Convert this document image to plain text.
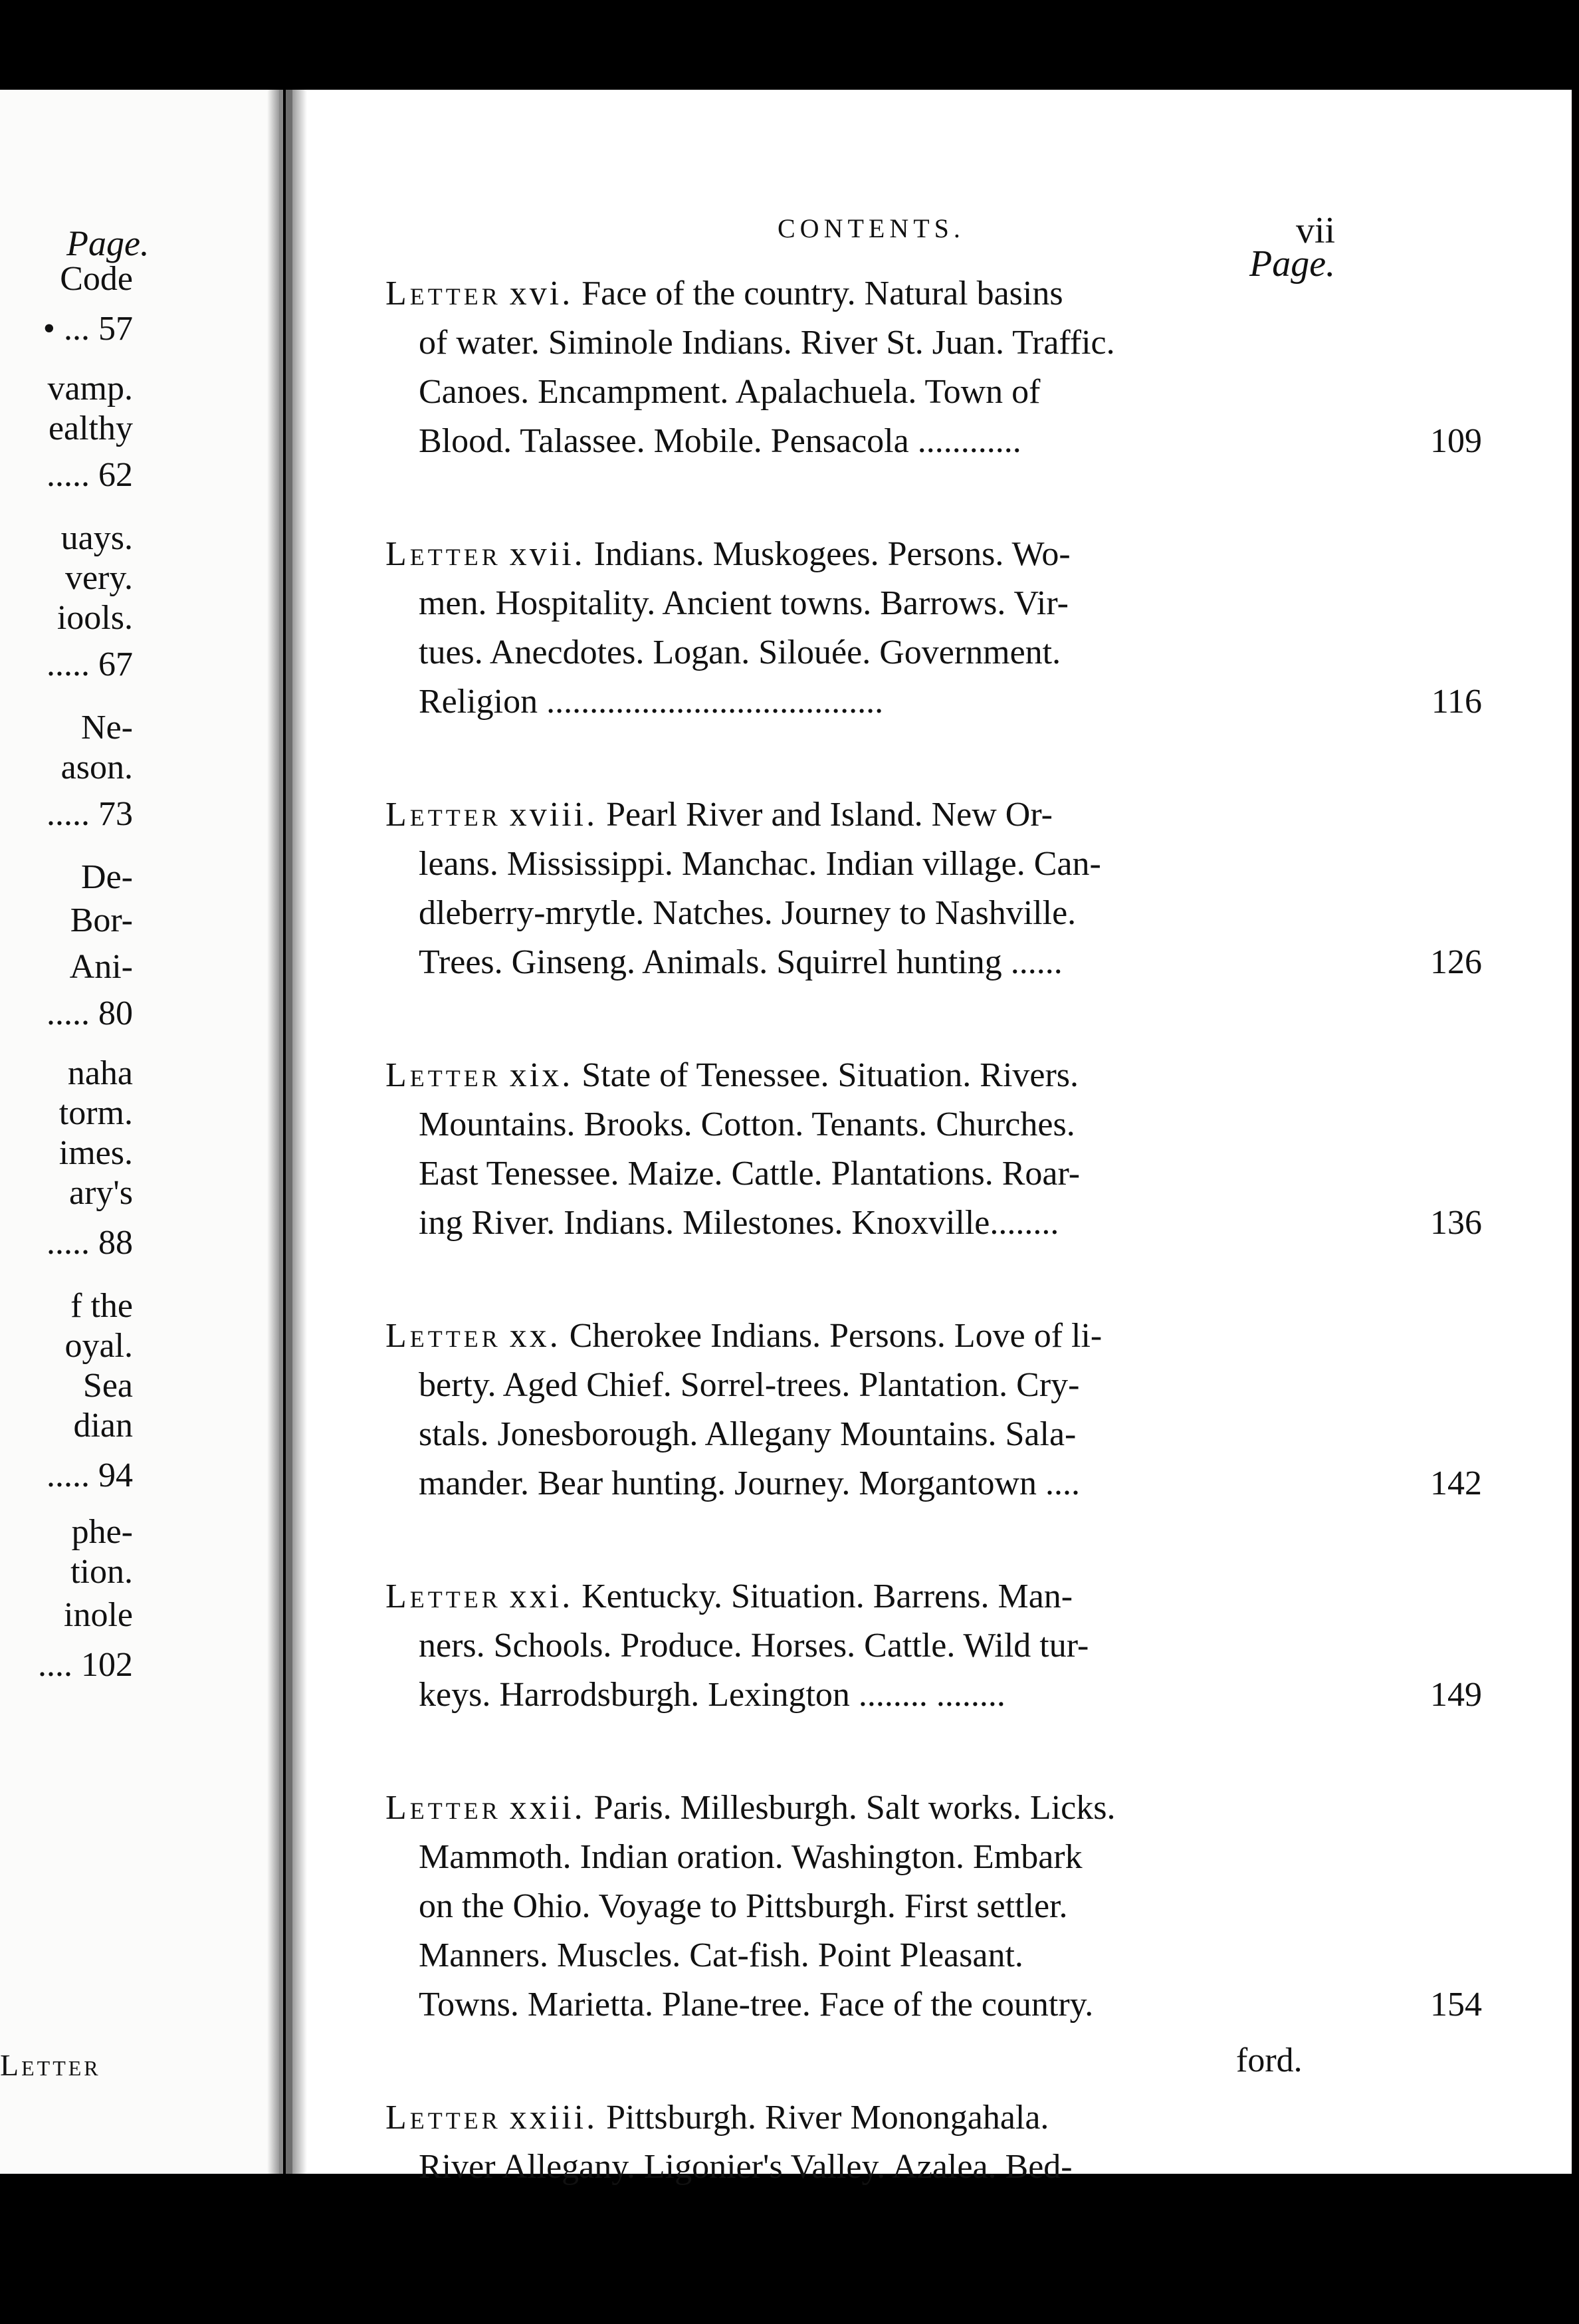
Page.
Code
• ... 57
vamp.
ealthy
..... 62
uays.
very.
iools.
..... 67
Ne-
ason.
..... 73
De-
Bor-
Ani-
..... 80
naha
torm.
imes.
ary's
..... 88
f the
oyal.
Sea
dian
..... 94
phe-
tion.
inole
.... 102
Letter
CONTENTS.	vii
Page.
Letter xvi. Face of the country. Natural basins
of water. Siminole Indians. River St. Juan. Traffic.
Canoes. Encampment. Apalachuela. Town of
Blood. Talassee. Mobile. Pensacola ............	109
Letter xvii. Indians. Muskogees. Persons. Wo-
men. Hospitality. Ancient towns. Barrows. Vir-
tues. Anecdotes. Logan. Silouée. Government.
Religion .......................................	116
Letter xviii. Pearl River and Island. New Or-
leans. Mississippi. Manchac. Indian village. Can-
dleberry-mrytle. Natches. Journey to Nashville.
Trees. Ginseng. Animals. Squirrel hunting ......	126
Letter xix. State of Tenessee. Situation. Rivers.
Mountains. Brooks. Cotton. Tenants. Churches.
East Tenessee. Maize. Cattle. Plantations. Roar-
ing River. Indians. Milestones. Knoxville........	136
Letter xx. Cherokee Indians. Persons. Love of li-
berty. Aged Chief. Sorrel-trees. Plantation. Cry-
stals. Jonesborough. Allegany Mountains. Sala-
mander. Bear hunting. Journey. Morgantown ....	142
Letter xxi. Kentucky. Situation. Barrens. Man-
ners. Schools. Produce. Horses. Cattle. Wild tur-
keys. Harrodsburgh. Lexington ........ ........	149
Letter xxii. Paris. Millesburgh. Salt works. Licks.
Mammoth. Indian oration. Washington. Embark
on the Ohio. Voyage to Pittsburgh. First settler.
Manners. Muscles. Cat-fish. Point Pleasant.
Towns. Marietta. Plane-tree. Face of the country.	154
Letter xxiii. Pittsburgh. River Monongahala.
River Allegany. Ligonier's Valley. Azalea. Bed-
ford.
